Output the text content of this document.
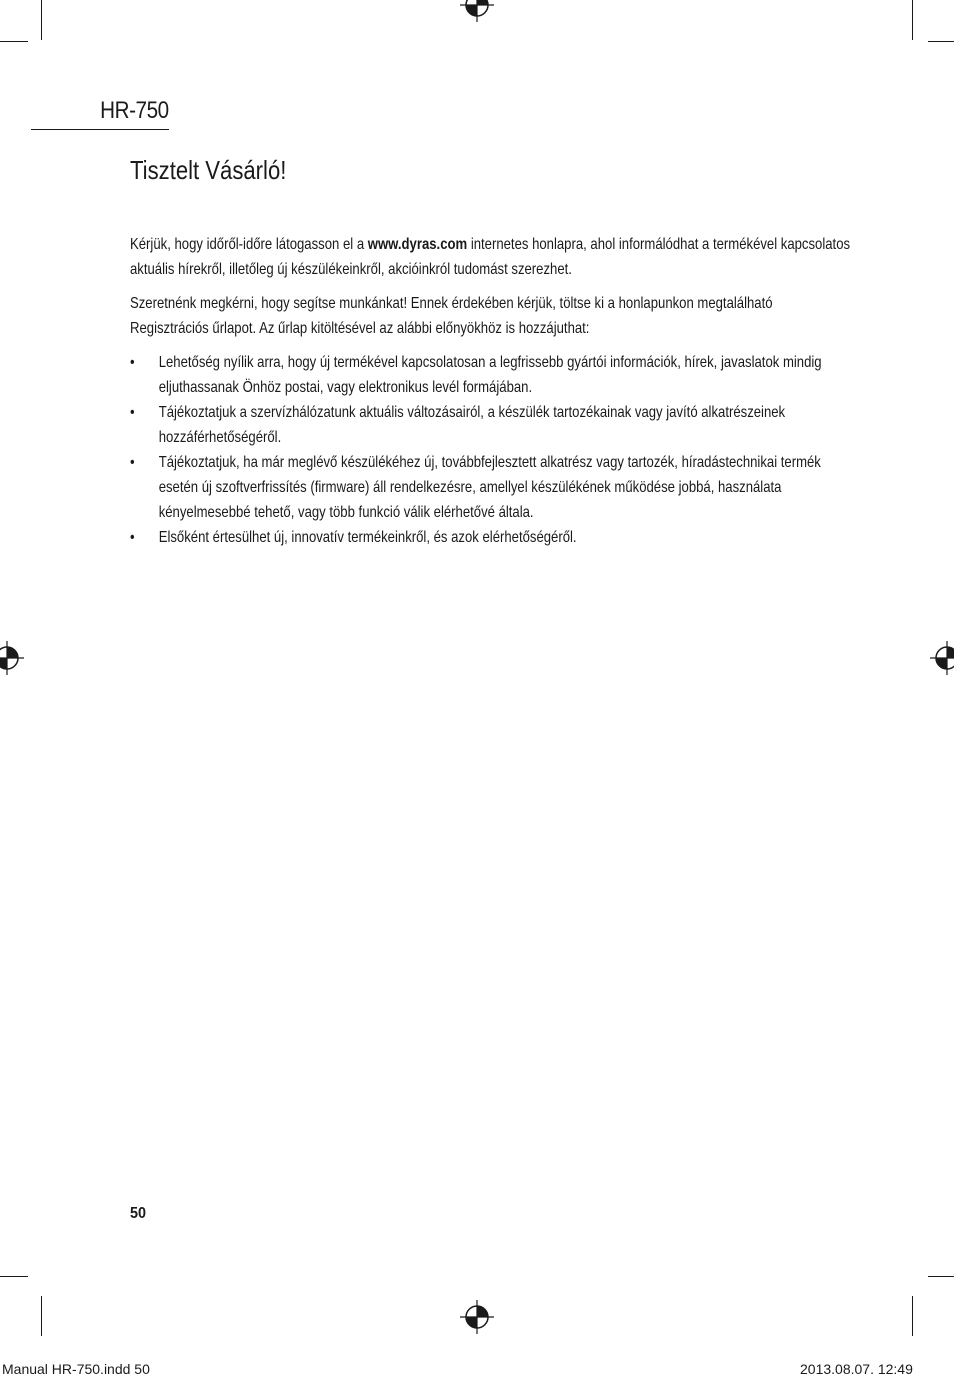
HR-750
Tisztelt Vásárló!

Kérjük, hogy időről-időre látogasson el a www.dyras.com internetes honlapra, ahol informálódhat a termékével kapcsolatos aktuális hírekről, illetőleg új készülékeinkről, akcióinkról tudomást szerezhet.

Szeretnénk megkérni, hogy segítse munkánkat! Ennek érdekében kérjük, töltse ki a honlapunkon megtalálható Regisztrációs űrlapot. Az űrlap kitöltésével az alábbi előnyökhöz is hozzájuthat:

• Lehetőség nyílik arra, hogy új termékével kapcsolatosan a legfrissebb gyártói információk, hírek, javaslatok mindig eljuthassanak Önhöz postai, vagy elektronikus levél formájában.
• Tájékoztatjuk a szervízhálózatunk aktuális változásairól, a készülék tartozékainak vagy javító alkatrészeinek hozzáférhetőségéről.
• Tájékoztatjuk, ha már meglévő készülékéhez új, továbbfejlesztett alkatrész vagy tartozék, híradástechnikai termék esetén új szoftverfrissítés (firmware) áll rendelkezésre, amellyel készülékének működése jobbá, használata kényelmesebbé tehető, vagy több funkció válik elérhetővé általa.
• Elsőként értesülhet új, innovatív termékeinkről, és azok elérhetőségéről.
50
Manual HR-750.indd 50	2013.08.07. 12:49
